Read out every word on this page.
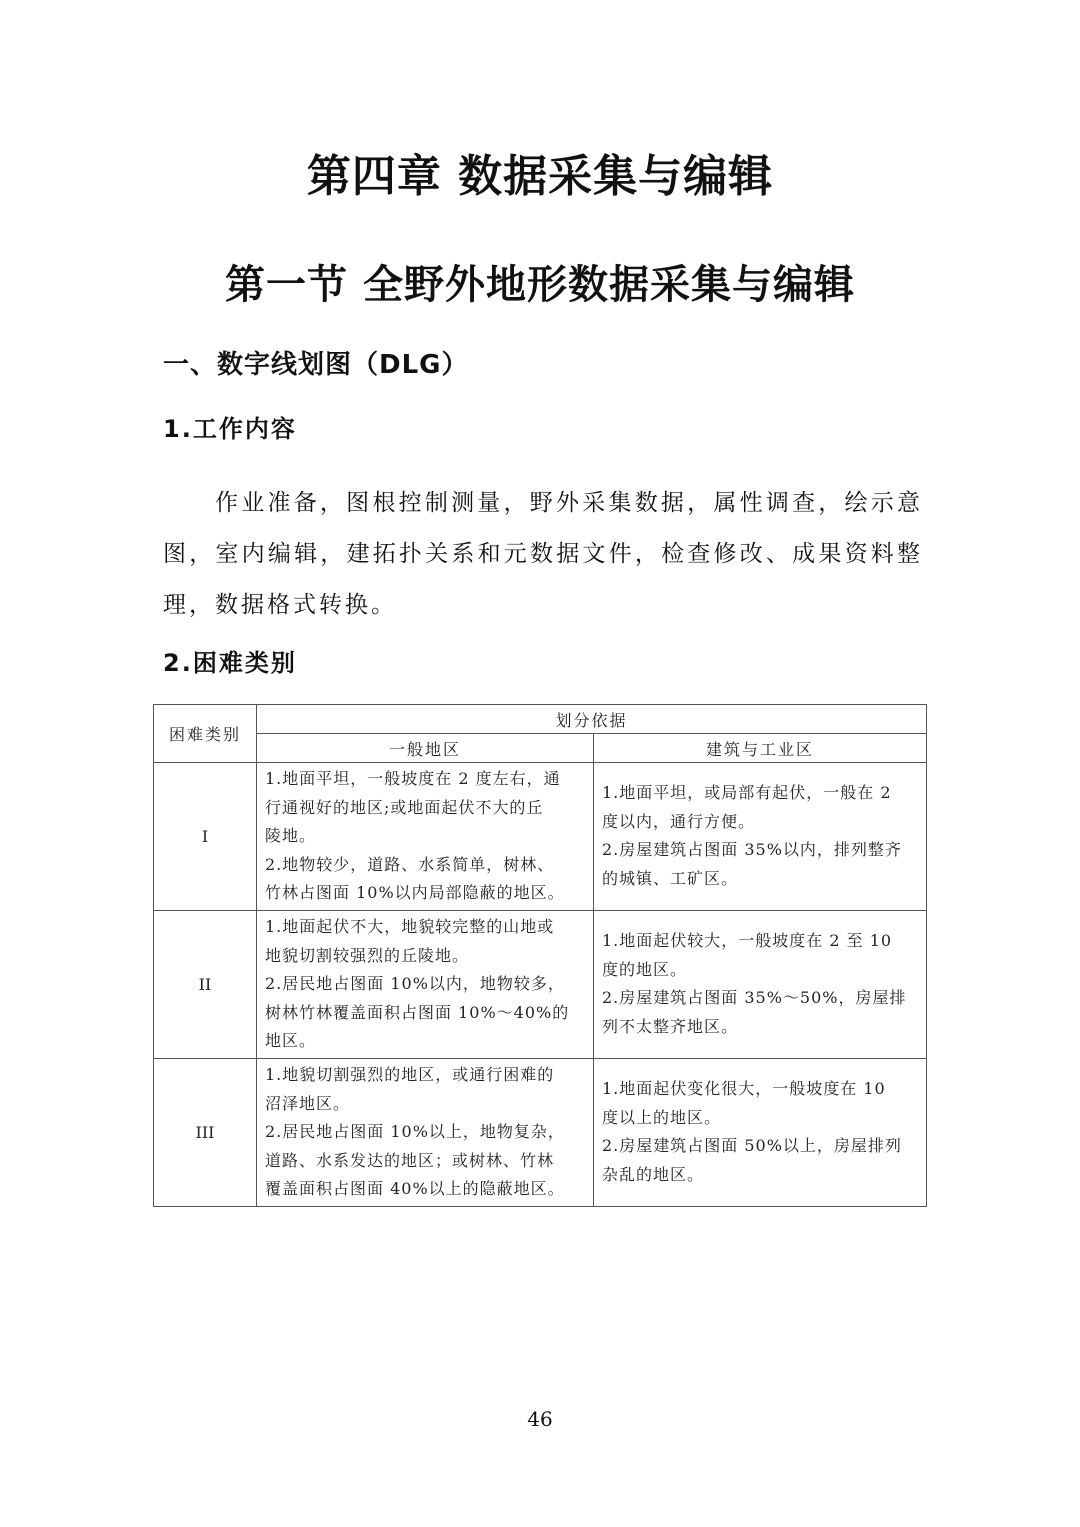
第四章 数据采集与编辑
第一节 全野外地形数据采集与编辑
一、数字线划图（DLG）
1.工作内容

作业准备，图根控制测量，野外采集数据，属性调查，绘示意图，室内编辑，建拓扑关系和元数据文件，检查修改、成果资料整理，数据格式转换。

2.困难类别
困难类别	划分依据	
	一般地区	建筑与工业区
I	1.地面平坦，一般坡度在 2 度左右，通
行通视好的地区;或地面起伏不大的丘
陵地。
2.地物较少，道路、水系简单，树林、
竹林占图面 10%以内局部隐蔽的地区。	1.地面平坦，或局部有起伏，一般在 2
度以内，通行方便。
2.房屋建筑占图面 35%以内，排列整齐
的城镇、工矿区。

II	1.地面起伏不大，地貌较完整的山地或
地貌切割较强烈的丘陵地。
2.居民地占图面 10%以内，地物较多，
树林竹林覆盖面积占图面 10%～40%的
地区。	1.地面起伏较大，一般坡度在 2 至 10
度的地区。
2.房屋建筑占图面 35%～50%，房屋排
列不太整齐地区。

III	1.地貌切割强烈的地区，或通行困难的
沼泽地区。
2.居民地占图面 10%以上，地物复杂，
道路、水系发达的地区；或树林、竹林
覆盖面积占图面 40%以上的隐蔽地区。	1.地面起伏变化很大，一般坡度在 10
度以上的地区。
2.房屋建筑占图面 50%以上，房屋排列
杂乱的地区。
46
